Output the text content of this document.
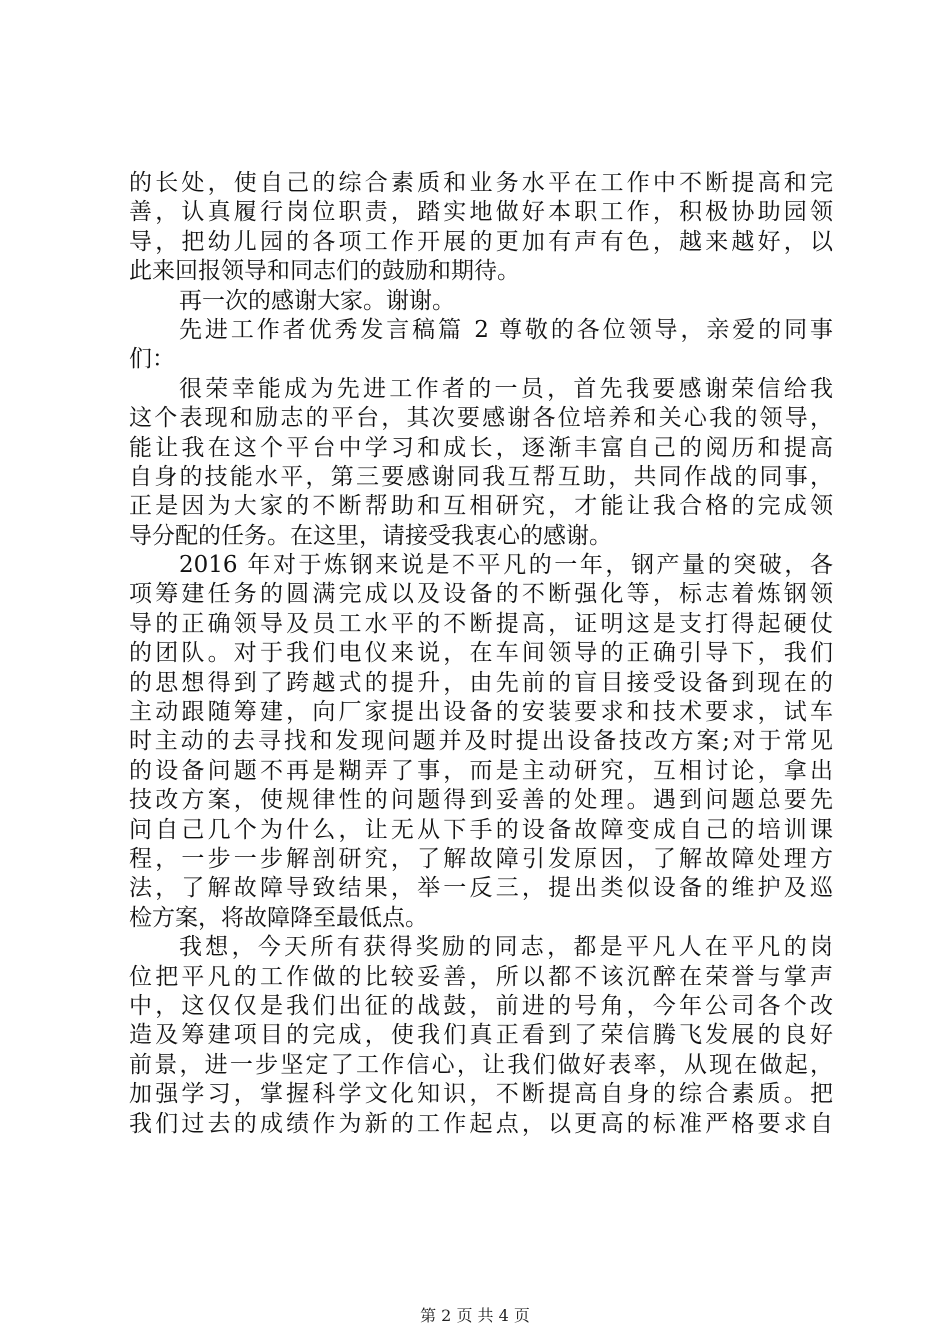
的长处，使自己的综合素质和业务水平在工作中不断提高和完
善，认真履行岗位职责，踏实地做好本职工作，积极协助园领
导，把幼儿园的各项工作开展的更加有声有色，越来越好，以
此来回报领导和同志们的鼓励和期待。
再一次的感谢大家。谢谢。
先进工作者优秀发言稿篇 2 尊敬的各位领导，亲爱的同事
们：
很荣幸能成为先进工作者的一员，首先我要感谢荣信给我
这个表现和励志的平台，其次要感谢各位培养和关心我的领导，
能让我在这个平台中学习和成长，逐渐丰富自己的阅历和提高
自身的技能水平，第三要感谢同我互帮互助，共同作战的同事，
正是因为大家的不断帮助和互相研究，才能让我合格的完成领
导分配的任务。在这里，请接受我衷心的感谢。
2016 年对于炼钢来说是不平凡的一年，钢产量的突破，各
项筹建任务的圆满完成以及设备的不断强化等，标志着炼钢领
导的正确领导及员工水平的不断提高，证明这是支打得起硬仗
的团队。对于我们电仪来说，在车间领导的正确引导下，我们
的思想得到了跨越式的提升，由先前的盲目接受设备到现在的
主动跟随筹建，向厂家提出设备的安装要求和技术要求，试车
时主动的去寻找和发现问题并及时提出设备技改方案;对于常见
的设备问题不再是糊弄了事，而是主动研究，互相讨论，拿出
技改方案，使规律性的问题得到妥善的处理。遇到问题总要先
问自己几个为什么，让无从下手的设备故障变成自己的培训课
程，一步一步解剖研究，了解故障引发原因，了解故障处理方
法，了解故障导致结果，举一反三，提出类似设备的维护及巡
检方案，将故障降至最低点。
我想，今天所有获得奖励的同志，都是平凡人在平凡的岗
位把平凡的工作做的比较妥善，所以都不该沉醉在荣誉与掌声
中，这仅仅是我们出征的战鼓，前进的号角，今年公司各个改
造及筹建项目的完成，使我们真正看到了荣信腾飞发展的良好
前景，进一步坚定了工作信心，让我们做好表率，从现在做起，
加强学习，掌握科学文化知识，不断提高自身的综合素质。把
我们过去的成绩作为新的工作起点，以更高的标准严格要求自
第 2 页 共 4 页
